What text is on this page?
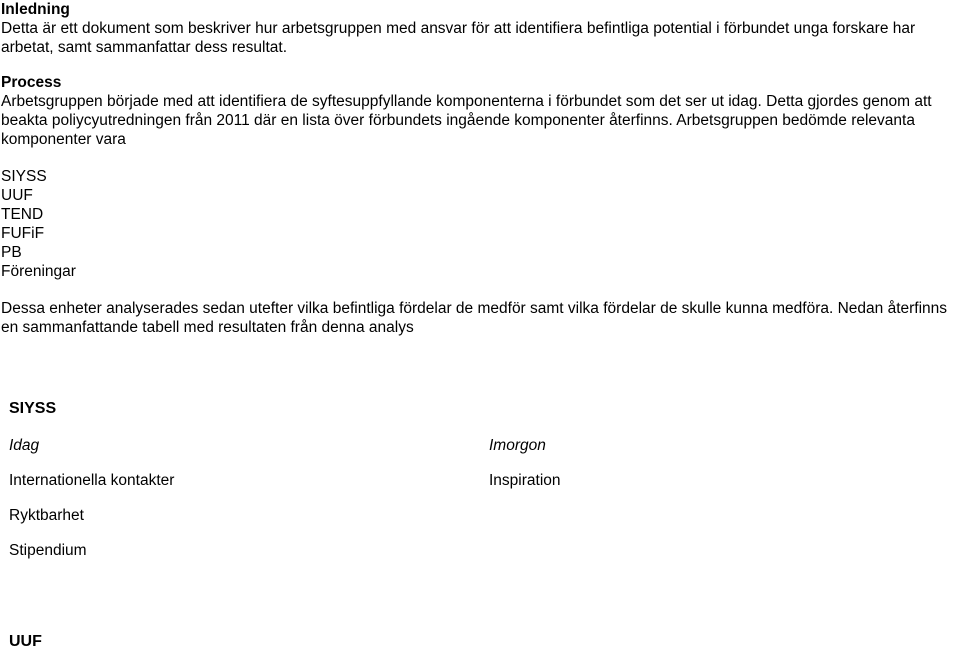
Inledning
Detta är ett dokument som beskriver hur arbetsgruppen med ansvar för att identifiera befintliga potential i förbundet unga forskare har arbetat, samt sammanfattar dess resultat.
Process
Arbetsgruppen började med att identifiera de syftesuppfyllande komponenterna i förbundet som det ser ut idag. Detta gjordes genom att beakta poliycyutredningen från 2011 där en lista över förbundets ingående komponenter återfinns. Arbetsgruppen bedömde relevanta komponenter vara
SIYSS
UUF
TEND
FUFiF
PB
Föreningar
Dessa enheter analyserades sedan utefter vilka befintliga fördelar de medför samt vilka fördelar de skulle kunna medföra. Nedan återfinns en sammanfattande tabell med resultaten från denna analys
SIYSS
Idag	Imorgon
Internationella kontakter
Ryktbarhet
Stipendium
Inspiration
UUF
